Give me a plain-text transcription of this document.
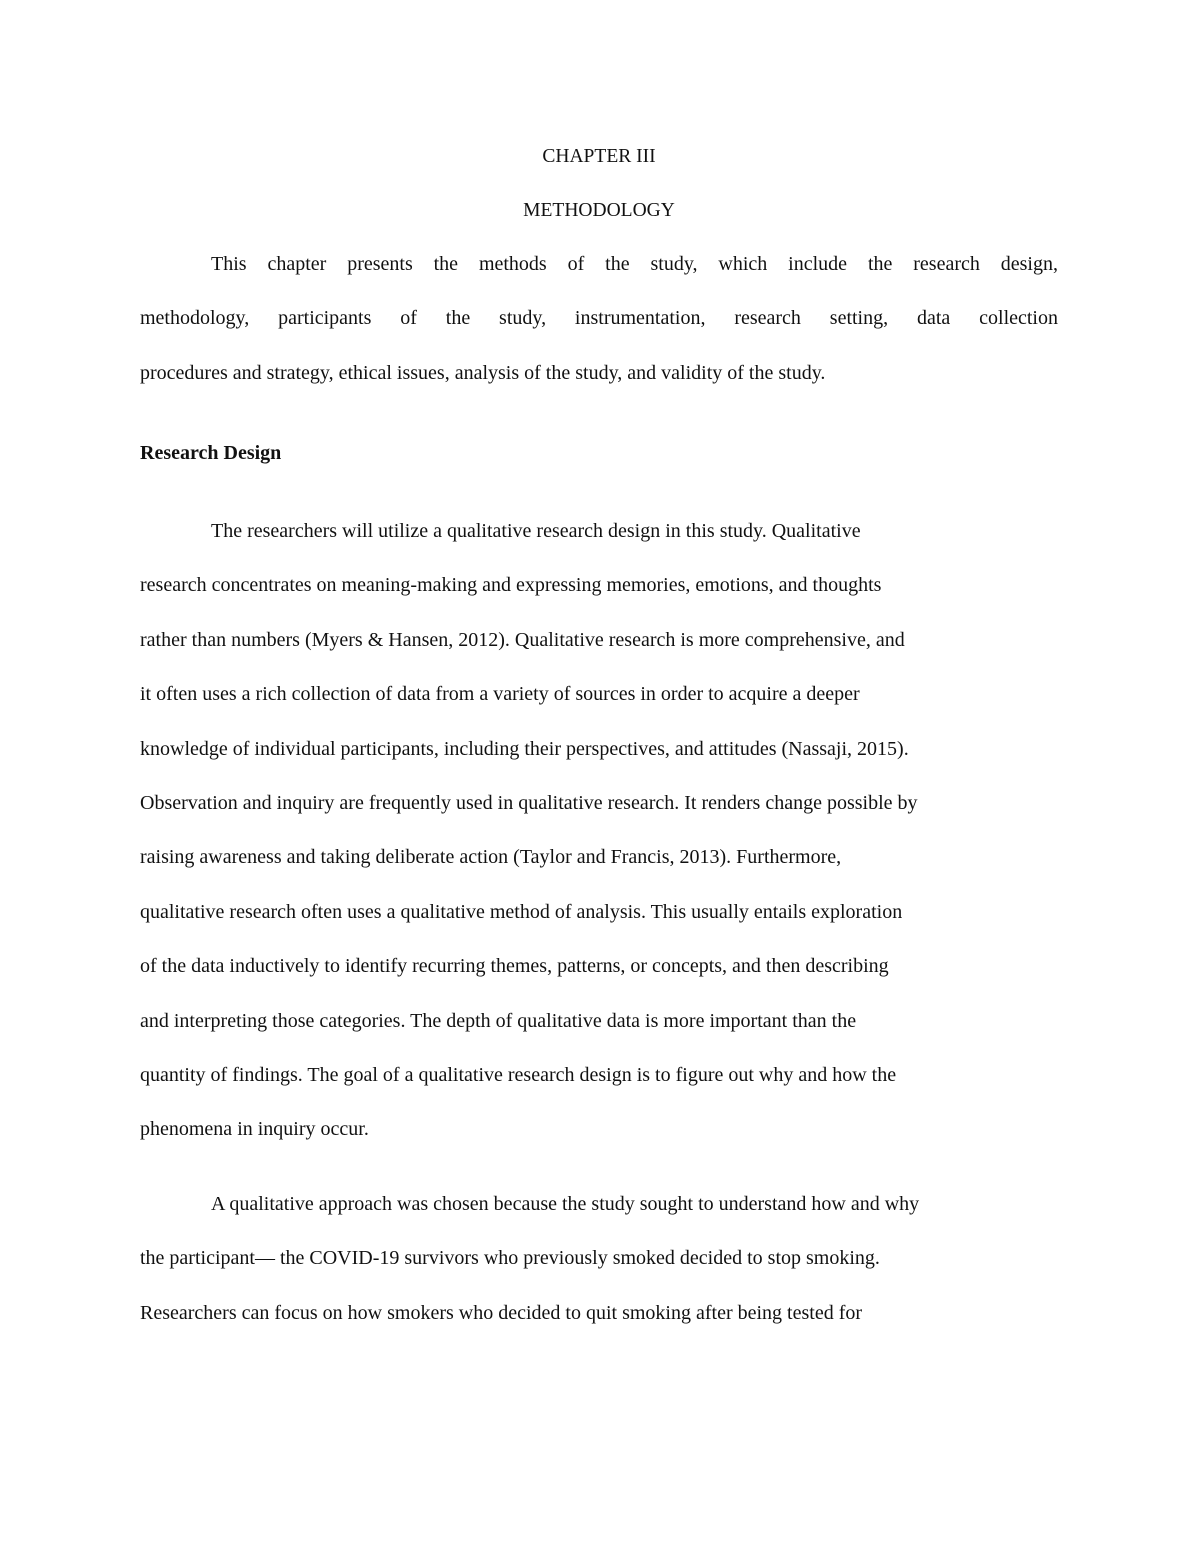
CHAPTER III

METHODOLOGY

This chapter presents the methods of the study, which include the research design,
methodology, participants of the study, instrumentation, research setting, data collection
procedures and strategy, ethical issues, analysis of the study, and validity of the study.

Research Design

The researchers will utilize a qualitative research design in this study. Qualitative
research concentrates on meaning-making and expressing memories, emotions, and thoughts
rather than numbers (Myers & Hansen, 2012). Qualitative research is more comprehensive, and
it often uses a rich collection of data from a variety of sources in order to acquire a deeper
knowledge of individual participants, including their perspectives, and attitudes (Nassaji, 2015).
Observation and inquiry are frequently used in qualitative research. It renders change possible by
raising awareness and taking deliberate action (Taylor and Francis, 2013). Furthermore,
qualitative research often uses a qualitative method of analysis. This usually entails exploration
of the data inductively to identify recurring themes, patterns, or concepts, and then describing
and interpreting those categories. The depth of qualitative data is more important than the
quantity of findings. The goal of a qualitative research design is to figure out why and how the
phenomena in inquiry occur.
A qualitative approach was chosen because the study sought to understand how and why
the participant— the COVID-19 survivors who previously smoked decided to stop smoking.
Researchers can focus on how smokers who decided to quit smoking after being tested for
